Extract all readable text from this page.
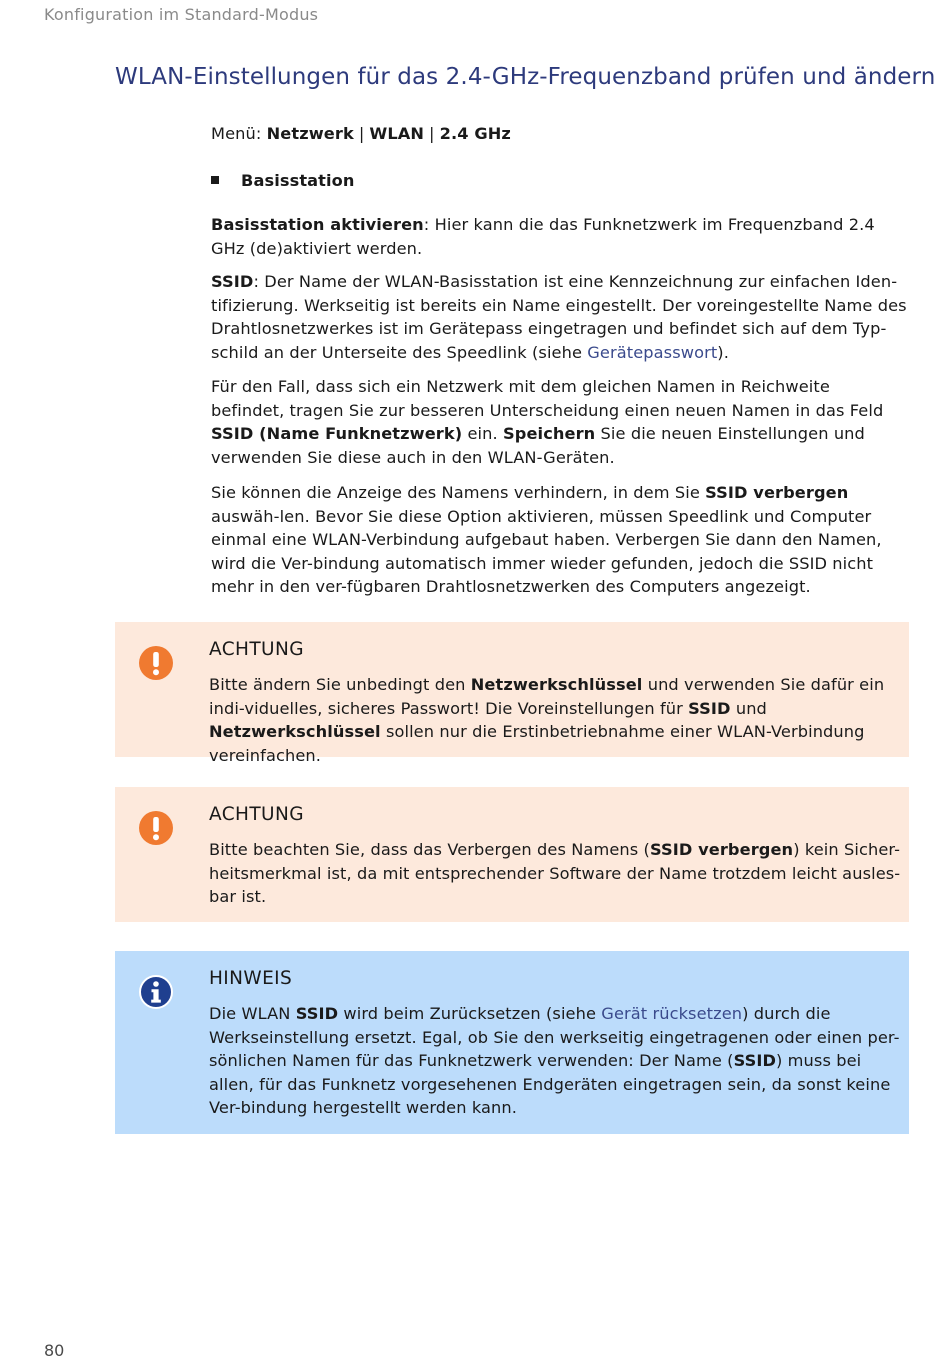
Konfiguration im Standard-Modus
WLAN-Einstellungen für das 2.4-GHz-Frequenzband prüfen und ändern
Menü: Netzwerk | WLAN | 2.4 GHz
Basisstation

Basisstation aktivieren: Hier kann die das Funknetzwerk im Frequenzband 2.4 GHz (de)aktiviert werden.

SSID: Der Name der WLAN-Basisstation ist eine Kennzeichnung zur einfachen Iden-tifizierung. Werkseitig ist bereits ein Name eingestellt. Der voreingestellte Name des Drahtlosnetzwerkes ist im Gerätepass eingetragen und befindet sich auf dem Typ-schild an der Unterseite des Speedlink (siehe Gerätepasswort).

Für den Fall, dass sich ein Netzwerk mit dem gleichen Namen in Reichweite befindet, tragen Sie zur besseren Unterscheidung einen neuen Namen in das Feld SSID (Name Funknetzwerk) ein. Speichern Sie die neuen Einstellungen und verwenden Sie diese auch in den WLAN-Geräten.

Sie können die Anzeige des Namens verhindern, in dem Sie SSID verbergen auswäh-len. Bevor Sie diese Option aktivieren, müssen Speedlink und Computer einmal eine WLAN-Verbindung aufgebaut haben. Verbergen Sie dann den Namen, wird die Ver-bindung automatisch immer wieder gefunden, jedoch die SSID nicht mehr in den ver-fügbaren Drahtlosnetzwerken des Computers angezeigt.

ACHTUNG
Bitte ändern Sie unbedingt den Netzwerkschlüssel und verwenden Sie dafür ein indi-viduelles, sicheres Passwort! Die Voreinstellungen für SSID und Netzwerkschlüssel sollen nur die Erstinbetriebnahme einer WLAN-Verbindung vereinfachen.
ACHTUNG
Bitte beachten Sie, dass das Verbergen des Namens (SSID verbergen) kein Sicher-heitsmerkmal ist, da mit entsprechender Software der Name trotzdem leicht ausles-bar ist.
HINWEIS
Die WLAN SSID wird beim Zurücksetzen (siehe Gerät rücksetzen) durch die Werkseinstellung ersetzt. Egal, ob Sie den werkseitig eingetragenen oder einen per-sönlichen Namen für das Funknetzwerk verwenden: Der Name (SSID) muss bei allen, für das Funknetz vorgesehenen Endgeräten eingetragen sein, da sonst keine Ver-bindung hergestellt werden kann.
80
